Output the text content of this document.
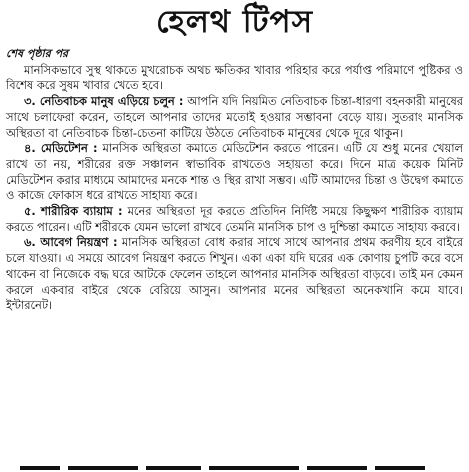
হেলথ টিপস
শেষ পৃষ্ঠার পর

মানসিকভাবে সুস্থ থাকতে মুখরোচক অথচ ক্ষতিকর খাবার পরিহার করে পর্যাপ্ত পরিমাণে পুষ্টিকর ও বিশেষ করে সুষম খাবার খেতে হবে।

৩. নেতিবাচক মানুষ এড়িয়ে চলুন : আপনি যদি নিয়মিত নেতিবাচক চিন্তা-ধারণা বহনকারী মানুষের সাথে চলাফেরা করেন, তাহলে আপনার তাদের মতোই হওয়ার সম্ভাবনা বেড়ে যায়। সুতরাং মানসিক অস্থিরতা বা নেতিবাচক চিন্তা-চেতনা কাটিয়ে উঠতে নেতিবাচক মানুষের থেকে দূরে থাকুন।

৪. মেডিটেশন : মানসিক অস্থিরতা কমাতে মেডিটেশন করতে পারেন। এটি যে শুধু মনের খেয়াল রাখে তা নয়, শরীরের রক্ত সঞ্চালন স্বাভাবিক রাখতেও সহায়তা করে। দিনে মাত্র কয়েক মিনিট মেডিটেশন করার মাধ্যমে আমাদের মনকে শান্ত ও স্থির রাখা সম্ভব। এটি আমাদের চিন্তা ও উদ্বেগ কমাতে ও কাজে ফোকাস ধরে রাখতে সাহায্য করে।

৫. শারীরিক ব্যায়াম : মনের অস্থিরতা দূর করতে প্রতিদিন নির্দিষ্ট সময়ে কিছুক্ষণ শারীরিক ব্যায়াম করতে পারেন। এটি শরীরকে যেমন ভালো রাখবে তেমনি মানসিক চাপ ও দুশ্চিন্তা কমাতে সাহায্য করবে।

৬. আবেগ নিয়ন্ত্রণ : মানসিক অস্থিরতা বোধ করার সাথে সাথে আপনার প্রথম করণীয় হবে বাইরে চলে যাওয়া। এ সময়ে আবেগ নিয়ন্ত্রণ করতে শিখুন। একা একা যদি ঘরের এক কোণায় চুপটি করে বসে থাকেন বা নিজেকে বদ্ধ ঘরে আটকে ফেলেন তাহলে আপনার মানসিক অস্থিরতা বাড়বে। তাই মন কেমন করলে একবার বাইরে থেকে বেরিয়ে আসুন। আপনার মনের অস্থিরতা অনেকখানি কমে যাবে। ইন্টারনেট।
